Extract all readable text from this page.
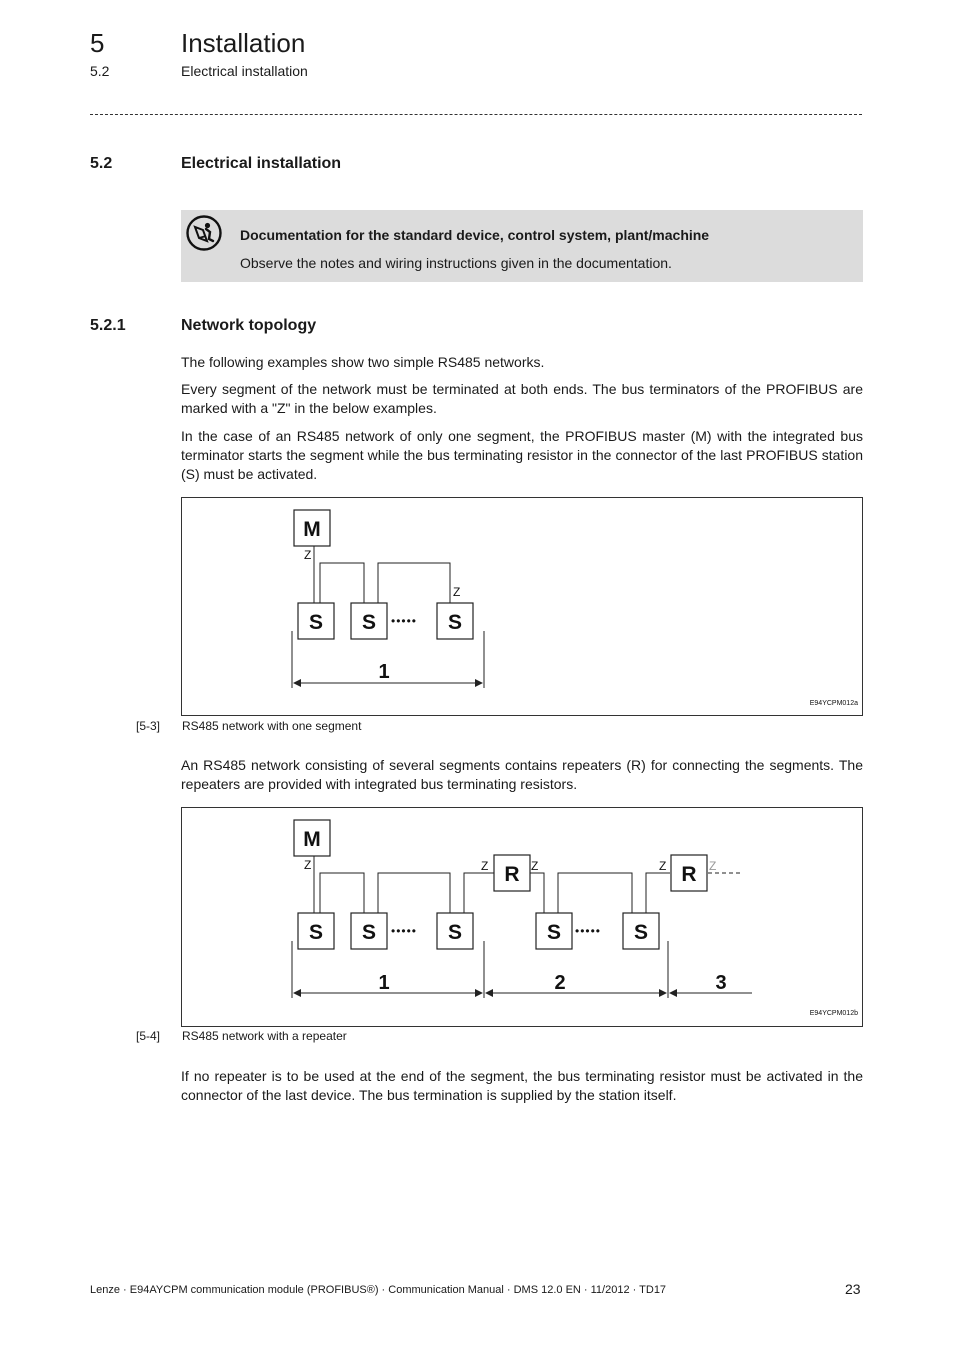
5	Installation
5.2	Electrical installation
5.2	Electrical installation
Documentation for the standard device, control system, plant/machine
Observe the notes and wiring instructions given in the documentation.
5.2.1	Network topology
The following examples show two simple RS485 networks.
Every segment of the network must be terminated at both ends. The bus terminators of the PROFIBUS are marked with a "Z" in the below examples.
In the case of an RS485 network of only one segment, the PROFIBUS master (M) with the integrated bus terminator starts the segment while the bus terminating resistor in the connector of the last PROFIBUS station (S) must be activated.
M
S S	S
•••••
Z
Z
1
E94YCPM012a
[5-3] RS485 network with one segment
An RS485 network consisting of several segments contains repeaters (R) for connecting the segments. The repeaters are provided with integrated bus terminating resistors.
M
S S	S
R
S	S
R
•••••	•••••
Z	Z	Z	Z	Z
1	2	3
E94YCPM012b
[5-4] RS485 network with a repeater
If no repeater is to be used at the end of the segment, the bus terminating resistor must be activated in the connector of the last device. The bus termination is supplied by the station itself.
Lenze · E94AYCPM communication module (PROFIBUS®) · Communication Manual · DMS 12.0 EN · 11/2012 · TD17	23
